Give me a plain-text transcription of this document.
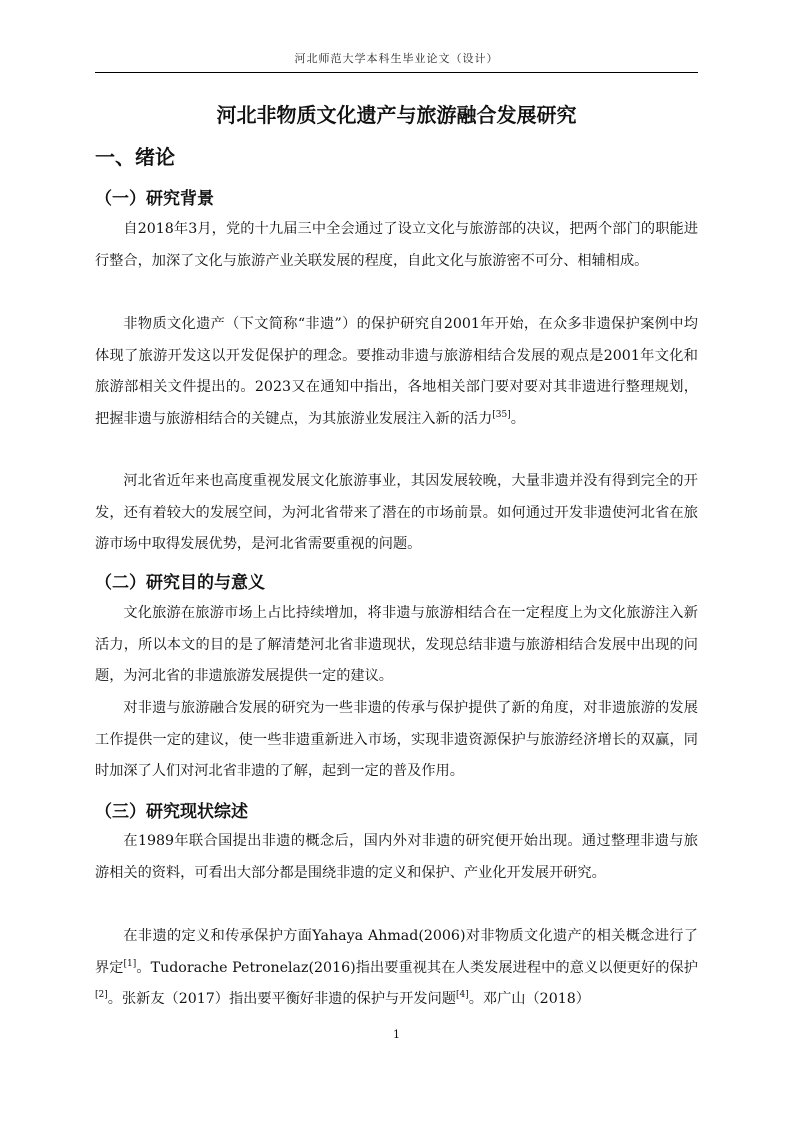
河北师范大学本科生毕业论文（设计）
河北非物质文化遗产与旅游融合发展研究
一、绪论
（一）研究背景

自2018年3月，党的十九届三中全会通过了设立文化与旅游部的决议，把两个部门的职能进行整合，加深了文化与旅游产业关联发展的程度，自此文化与旅游密不可分、相辅相成。

非物质文化遗产（下文简称“非遗”）的保护研究自2001年开始，在众多非遗保护案例中均体现了旅游开发这以开发促保护的理念。要推动非遗与旅游相结合发展的观点是2001年文化和旅游部相关文件提出的。2023又在通知中指出，各地相关部门要对要对其非遗进行整理规划，把握非遗与旅游相结合的关键点，为其旅游业发展注入新的活力[35]。

河北省近年来也高度重视发展文化旅游事业，其因发展较晚，大量非遗并没有得到完全的开发，还有着较大的发展空间，为河北省带来了潜在的市场前景。如何通过开发非遗使河北省在旅游市场中取得发展优势，是河北省需要重视的问题。

（二）研究目的与意义

文化旅游在旅游市场上占比持续增加，将非遗与旅游相结合在一定程度上为文化旅游注入新活力，所以本文的目的是了解清楚河北省非遗现状，发现总结非遗与旅游相结合发展中出现的问题，为河北省的非遗旅游发展提供一定的建议。

对非遗与旅游融合发展的研究为一些非遗的传承与保护提供了新的角度，对非遗旅游的发展工作提供一定的建议，使一些非遗重新进入市场，实现非遗资源保护与旅游经济增长的双赢，同时加深了人们对河北省非遗的了解，起到一定的普及作用。

（三）研究现状综述

在1989年联合国提出非遗的概念后，国内外对非遗的研究便开始出现。通过整理非遗与旅游相关的资料，可看出大部分都是围绕非遗的定义和保护、产业化开发展开研究。

在非遗的定义和传承保护方面Yahaya Ahmad(2006)对非物质文化遗产的相关概念进行了界定[1]。Tudorache Petronelaz(2016)指出要重视其在人类发展进程中的意义以便更好的保护[2]。张新友（2017）指出要平衡好非遗的保护与开发问题[4]。邓广山（2018）

1
